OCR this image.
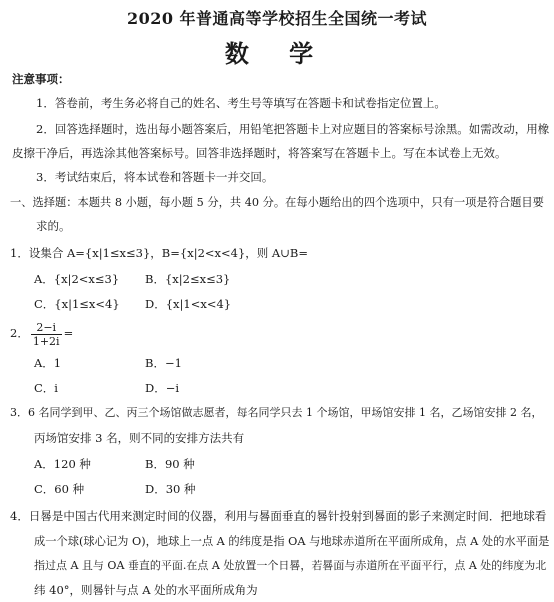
2020 年普通高等学校招生全国统一考试
数 学
注意事项：
1．答卷前，考生务必将自己的姓名、考生号等填写在答题卡和试卷指定位置上。
2．回答选择题时，选出每小题答案后，用铅笔把答题卡上对应题目的答案标号涂黑。如需改动，用橡
皮擦干净后，再选涂其他答案标号。回答非选择题时，将答案写在答题卡上。写在本试卷上无效。
3．考试结束后，将本试卷和答题卡一并交回。
一、选择题：本题共 8 小题，每小题 5 分，共 40 分。在每小题给出的四个选项中，只有一项是符合题目要
求的。
1．设集合 A={x|1≤x≤3}，B={x|2<x<4}，则 A∪B=
A．{x|2<x≤3} B．{x|2≤x≤3}
C．{x|1≤x<4} D．{x|1<x<4}
2． $\frac{2-i}{1+2i}$ =
A．1	B．−1
C．i	D．−i
3．6 名同学到甲、乙、丙三个场馆做志愿者，每名同学只去 1 个场馆，甲场馆安排 1 名，乙场馆安排 2 名，
丙场馆安排 3 名，则不同的安排方法共有
A．120 种	B．90 种
C．60 种	D．30 种
4．日晷是中国古代用来测定时间的仪器，利用与晷面垂直的晷针投射到晷面的影子来测定时间．把地球看
成一个球(球心记为 O)，地球上一点 A 的纬度是指 OA 与地球赤道所在平面所成角，点 A 处的水平面是
指过点 A 且与 OA 垂直的平面.在点 A 处放置一个日晷，若晷面与赤道所在平面平行，点 A 处的纬度为北
纬 40°，则晷针与点 A 处的水平面所成角为
